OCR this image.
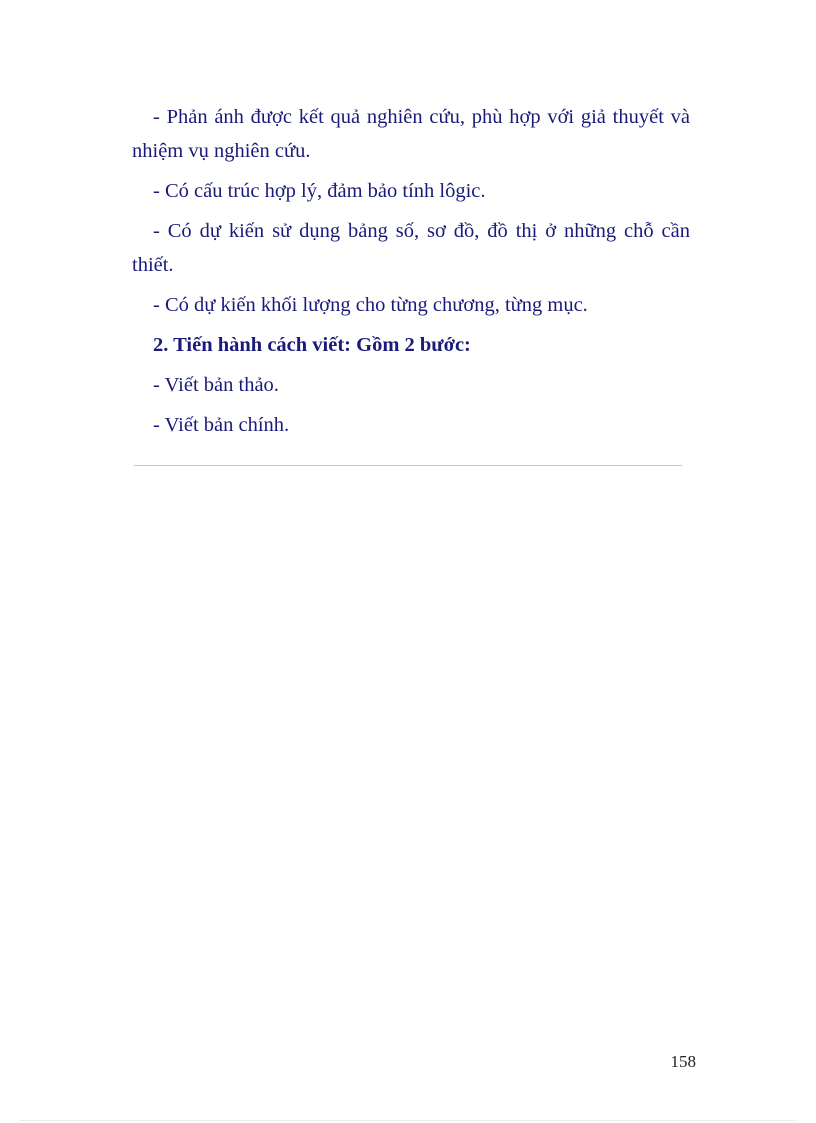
- Phản ánh được kết quả nghiên cứu, phù hợp với giả thuyết và nhiệm vụ nghiên cứu.

- Có cấu trúc hợp lý, đảm bảo tính lôgic.

- Có dự kiến sử dụng bảng số, sơ đồ, đồ thị ở những chỗ cần thiết.

- Có dự kiến khối lượng cho từng chương, từng mục.

2. Tiến hành cách viết: Gồm 2 bước:

- Viết bản thảo.

- Viết bản chính.

158
